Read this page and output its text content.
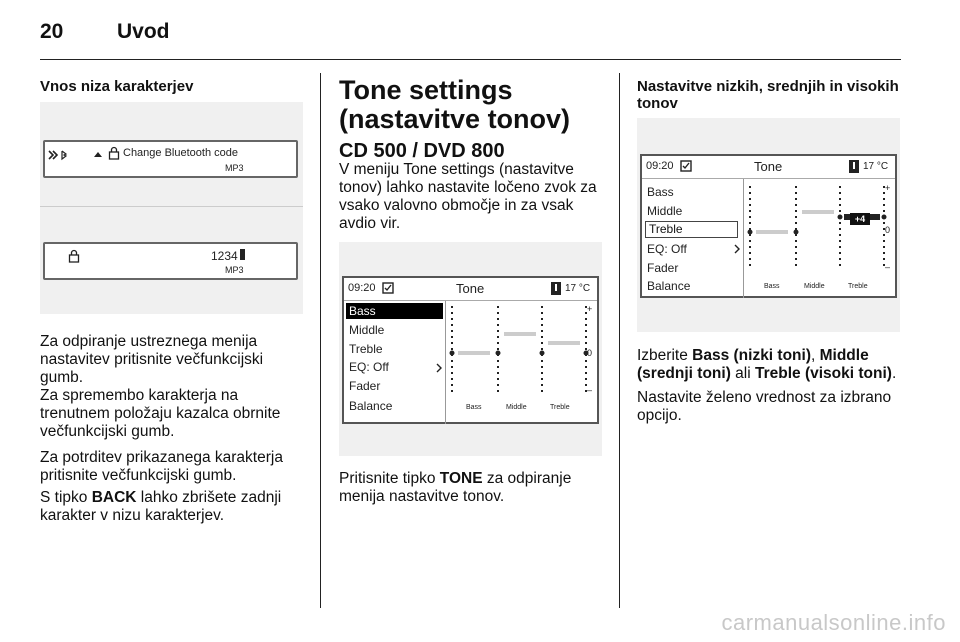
20	Uvod
Vnos niza karakterjev
Change Bluetooth code
MP3
1234
MP3
Za odpiranje ustreznega menija nastavitev pritisnite večfunkcijski gumb.
Za spremembo karakterja na trenutnem položaju kazalca obrnite večfunkcijski gumb.
Za potrditev prikazanega karakterja pritisnite večfunkcijski gumb.
S tipko BACK lahko zbrišete zadnji karakter v nizu karakterjev.
Tone settings (nastavitve tonov)
CD 500 / DVD 800
V meniju Tone settings (nastavitve tonov) lahko nastavite ločeno zvok za vsako valovno območje in za vsak avdio vir.
09:20	Tone	17 °C
Bass
Middle
Treble
EQ: Off
Fader
Balance
+
0
–
Bass	Middle	Treble
Pritisnite tipko TONE za odpiranje menija nastavitve tonov.
Nastavitve nizkih, srednjih in visokih tonov
09:20	Tone	17 °C
Bass
Middle
Treble
EQ: Off
Fader
Balance
+4
+
0
–
Bass	Middle	Treble
Izberite Bass (nizki toni), Middle (srednji toni) ali Treble (visoki toni).
Nastavite želeno vrednost za izbrano opcijo.
carmanualsonline.info
